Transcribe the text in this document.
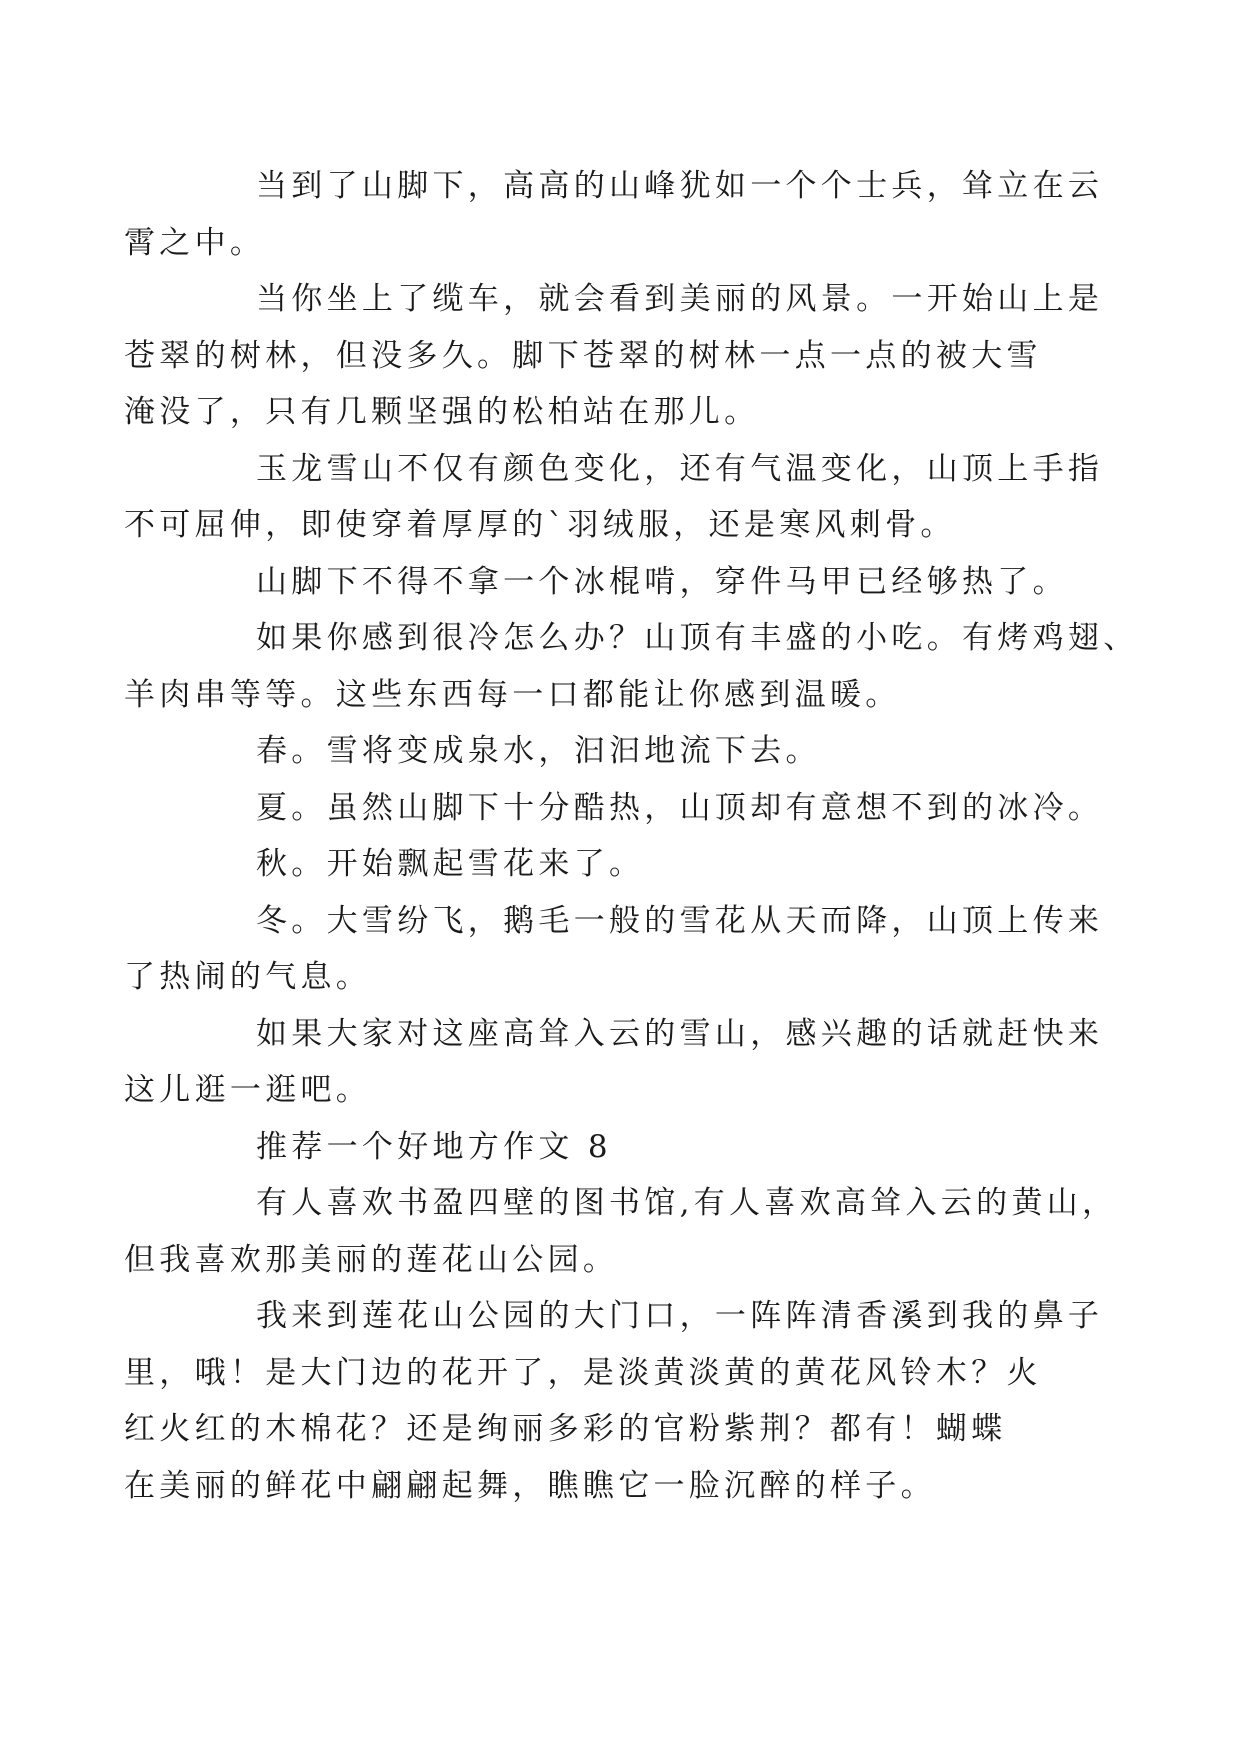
当到了山脚下，高高的山峰犹如一个个士兵，耸立在云
霄之中。

当你坐上了缆车，就会看到美丽的风景。一开始山上是
苍翠的树林，但没多久。脚下苍翠的树林一点一点的被大雪
淹没了，只有几颗坚强的松柏站在那儿。

玉龙雪山不仅有颜色变化，还有气温变化，山顶上手指
不可屈伸，即使穿着厚厚的`羽绒服，还是寒风刺骨。

山脚下不得不拿一个冰棍啃，穿件马甲已经够热了。

如果你感到很冷怎么办？山顶有丰盛的小吃。有烤鸡翅、
羊肉串等等。这些东西每一口都能让你感到温暖。

春。雪将变成泉水，汩汩地流下去。

夏。虽然山脚下十分酷热，山顶却有意想不到的冰冷。

秋。开始飘起雪花来了。

冬。大雪纷飞，鹅毛一般的雪花从天而降，山顶上传来
了热闹的气息。

如果大家对这座高耸入云的雪山，感兴趣的话就赶快来
这儿逛一逛吧。

推荐一个好地方作文 8

有人喜欢书盈四壁的图书馆,有人喜欢高耸入云的黄山，
但我喜欢那美丽的莲花山公园。

我来到莲花山公园的大门口，一阵阵清香溪到我的鼻子
里，哦！是大门边的花开了，是淡黄淡黄的黄花风铃木？火
红火红的木棉花？还是绚丽多彩的官粉紫荆？都有！蝴蝶
在美丽的鲜花中翩翩起舞，瞧瞧它一脸沉醉的样子。
